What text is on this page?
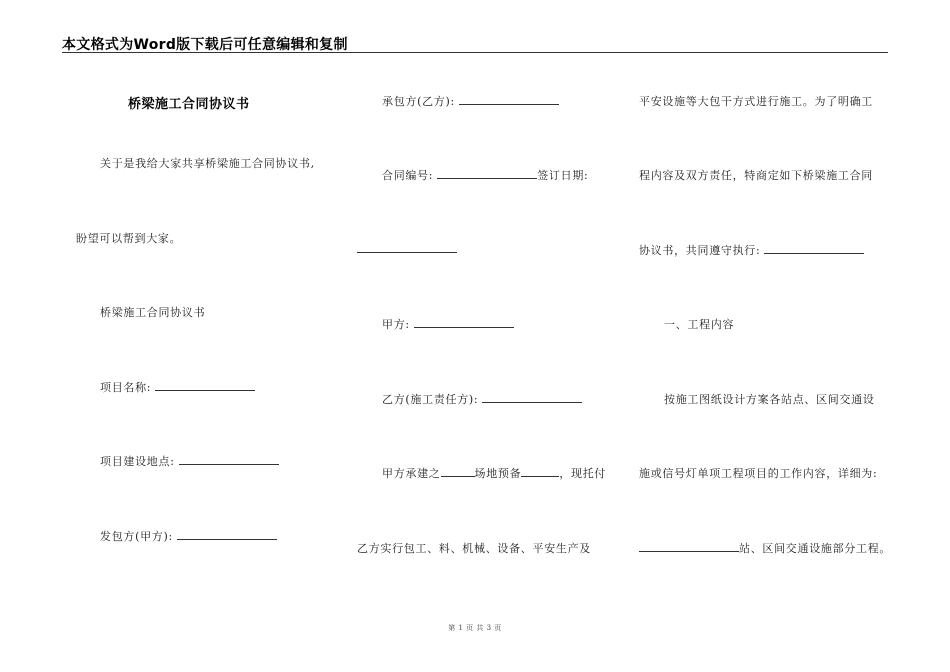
本文格式为Word版下载后可任意编辑和复制
桥梁施工合同协议书
关于是我给大家共享桥梁施工合同协议书,
盼望可以帮到大家。
桥梁施工合同协议书
项目名称:
项目建设地点:
发包方(甲方):
承包方(乙方):
合同编号:	签订日期:
甲方:
乙方(施工责任方):
甲方承建之	场地预备	，现托付
乙方实行包工、料、机械、设备、平安生产及
平安设施等大包干方式进行施工。为了明确工
程内容及双方责任，特商定如下桥梁施工合同
协议书，共同遵守执行:
一、工程内容
按施工图纸设计方案各站点、区间交通设
施或信号灯单项工程项目的工作内容，详细为:
站、区间交通设施部分工程。
第 1 页 共 3 页
